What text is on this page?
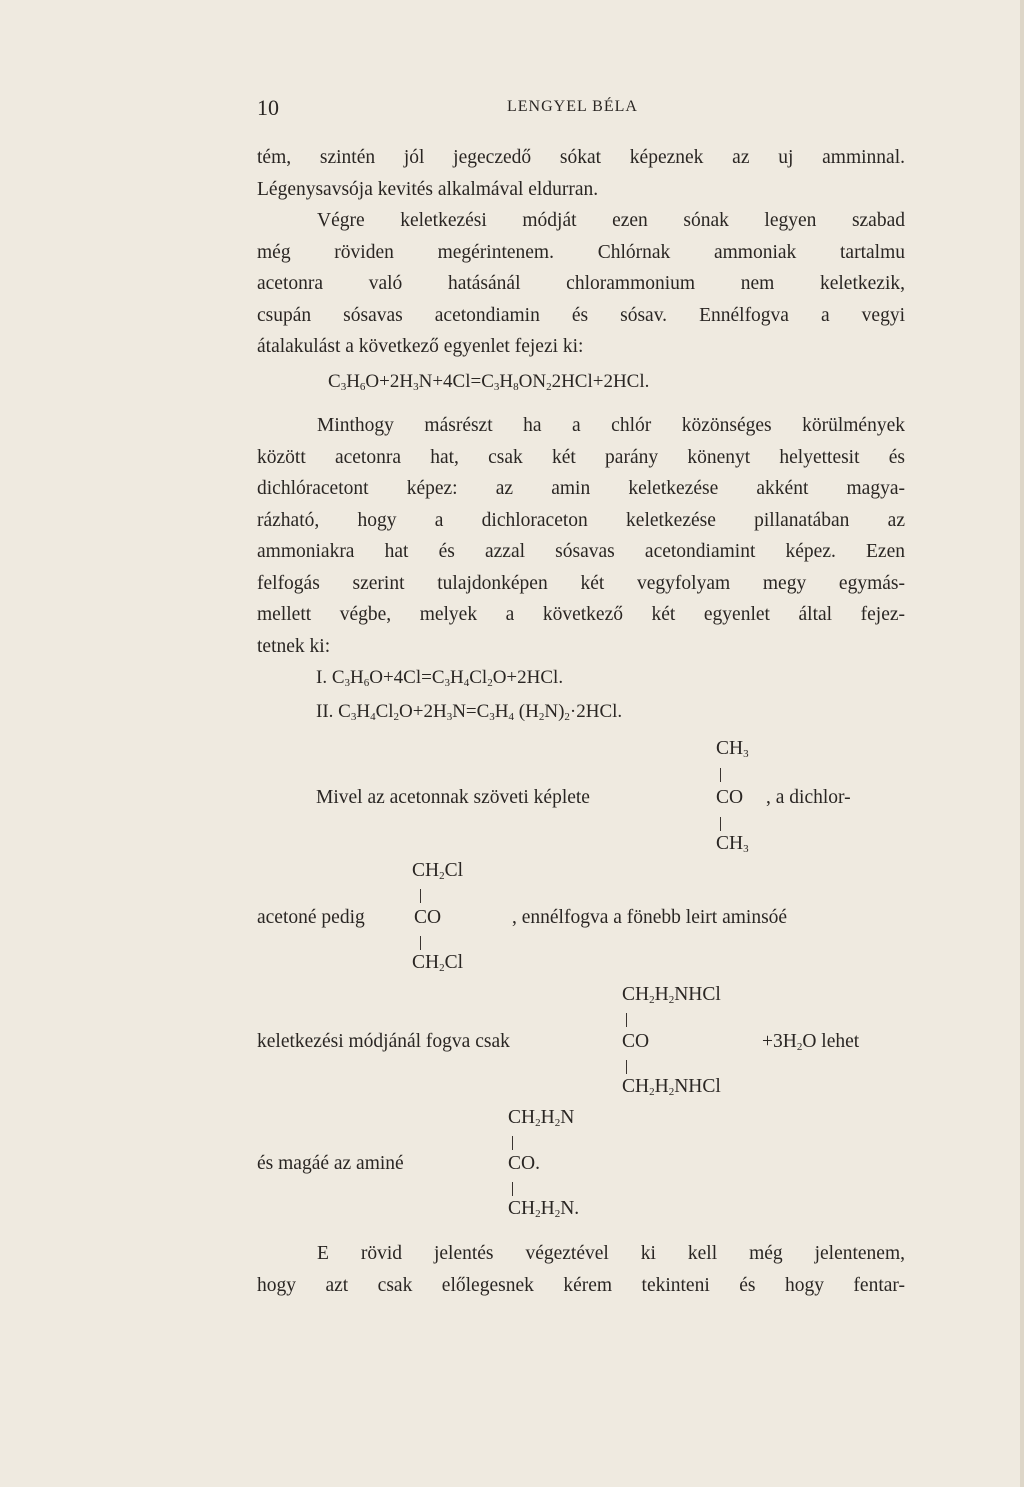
10	LENGYEL BÉLA

tém, szintén jól jegeczedő sókat képeznek az uj amminnal.

Légenysavsója kevités alkalmával eldurran.

Végre keletkezési módját ezen sónak legyen szabad

még röviden megérintenem. Chlórnak ammoniak tartalmu

acetonra való hatásánál chlorammonium nem keletkezik,

csupán sósavas acetondiamin és sósav. Ennélfogva a vegyi

átalakulást a következő egyenlet fejezi ki:

$C_3H_6O+2H_3N+4Cl=C_3H_8ON_22HCl+2HCl$.

Minthogy másrészt ha a chlór közönséges körülmények

között acetonra hat, csak két parány könenyt helyettesit és

dichlóracetont képez: az amin keletkezése akként magya-

rázható, hogy a dichloraceton keletkezése pillanatában az

ammoniakra hat és azzal sósavas acetondiamint képez. Ezen

felfogás szerint tulajdonképen két vegyfolyam megy egymás-

mellett végbe, melyek a következő két egyenlet által fejez-

tetnek ki:

I. $C_3H_6O+4Cl=C_3H_4Cl_2O+2HCl$.
II. $C_3H_4Cl_2O+2H_3N=C_3H_4$ $(H_2N)_2\cdot 2HCl$.
$CH_3$
Mivel az acetonnak szöveti képlete	CO , a dichlor-
$CH_3$
$CH_2Cl$
acetoné pedig	CO	, ennélfogva a fönebb leirt aminsóé
$CH_2Cl$
$CH_2H_2NHCl$
keletkezési módjánál fogva csak	CO	$+3H_2O$ lehet
$CH_2H_2NHCl$
$CH_2H_2N$
és magáé az aminé	CO.
$CH_2H_2N$.

E rövid jelentés végeztével ki kell még jelentenem,

hogy azt csak előlegesnek kérem tekinteni és hogy fentar-
